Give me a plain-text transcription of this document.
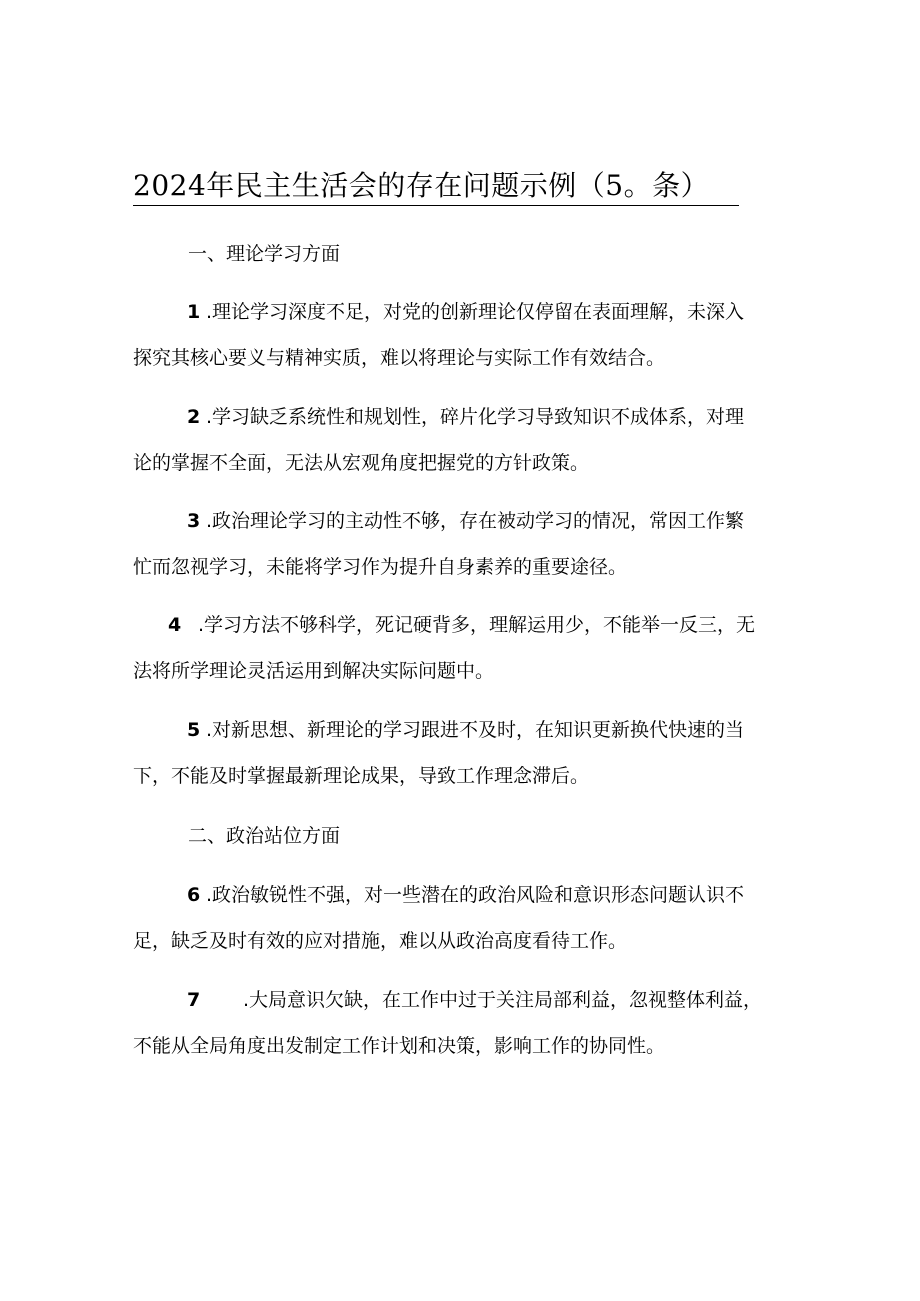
2024年民主生活会的存在问题示例（5。条）
一、理论学习方面
1 .理论学习深度不足，对党的创新理论仅停留在表面理解，未深入
探究其核心要义与精神实质，难以将理论与实际工作有效结合。
2 .学习缺乏系统性和规划性，碎片化学习导致知识不成体系，对理
论的掌握不全面，无法从宏观角度把握党的方针政策。
3 .政治理论学习的主动性不够，存在被动学习的情况，常因工作繁
忙而忽视学习，未能将学习作为提升自身素养的重要途径。
4 .学习方法不够科学，死记硬背多，理解运用少，不能举一反三，无
法将所学理论灵活运用到解决实际问题中。
5 .对新思想、新理论的学习跟进不及时，在知识更新换代快速的当
下，不能及时掌握最新理论成果，导致工作理念滞后。
二、政治站位方面
6 .政治敏锐性不强，对一些潜在的政治风险和意识形态问题认识不
足，缺乏及时有效的应对措施，难以从政治高度看待工作。
7 .大局意识欠缺，在工作中过于关注局部利益，忽视整体利益，
不能从全局角度出发制定工作计划和决策，影响工作的协同性。
